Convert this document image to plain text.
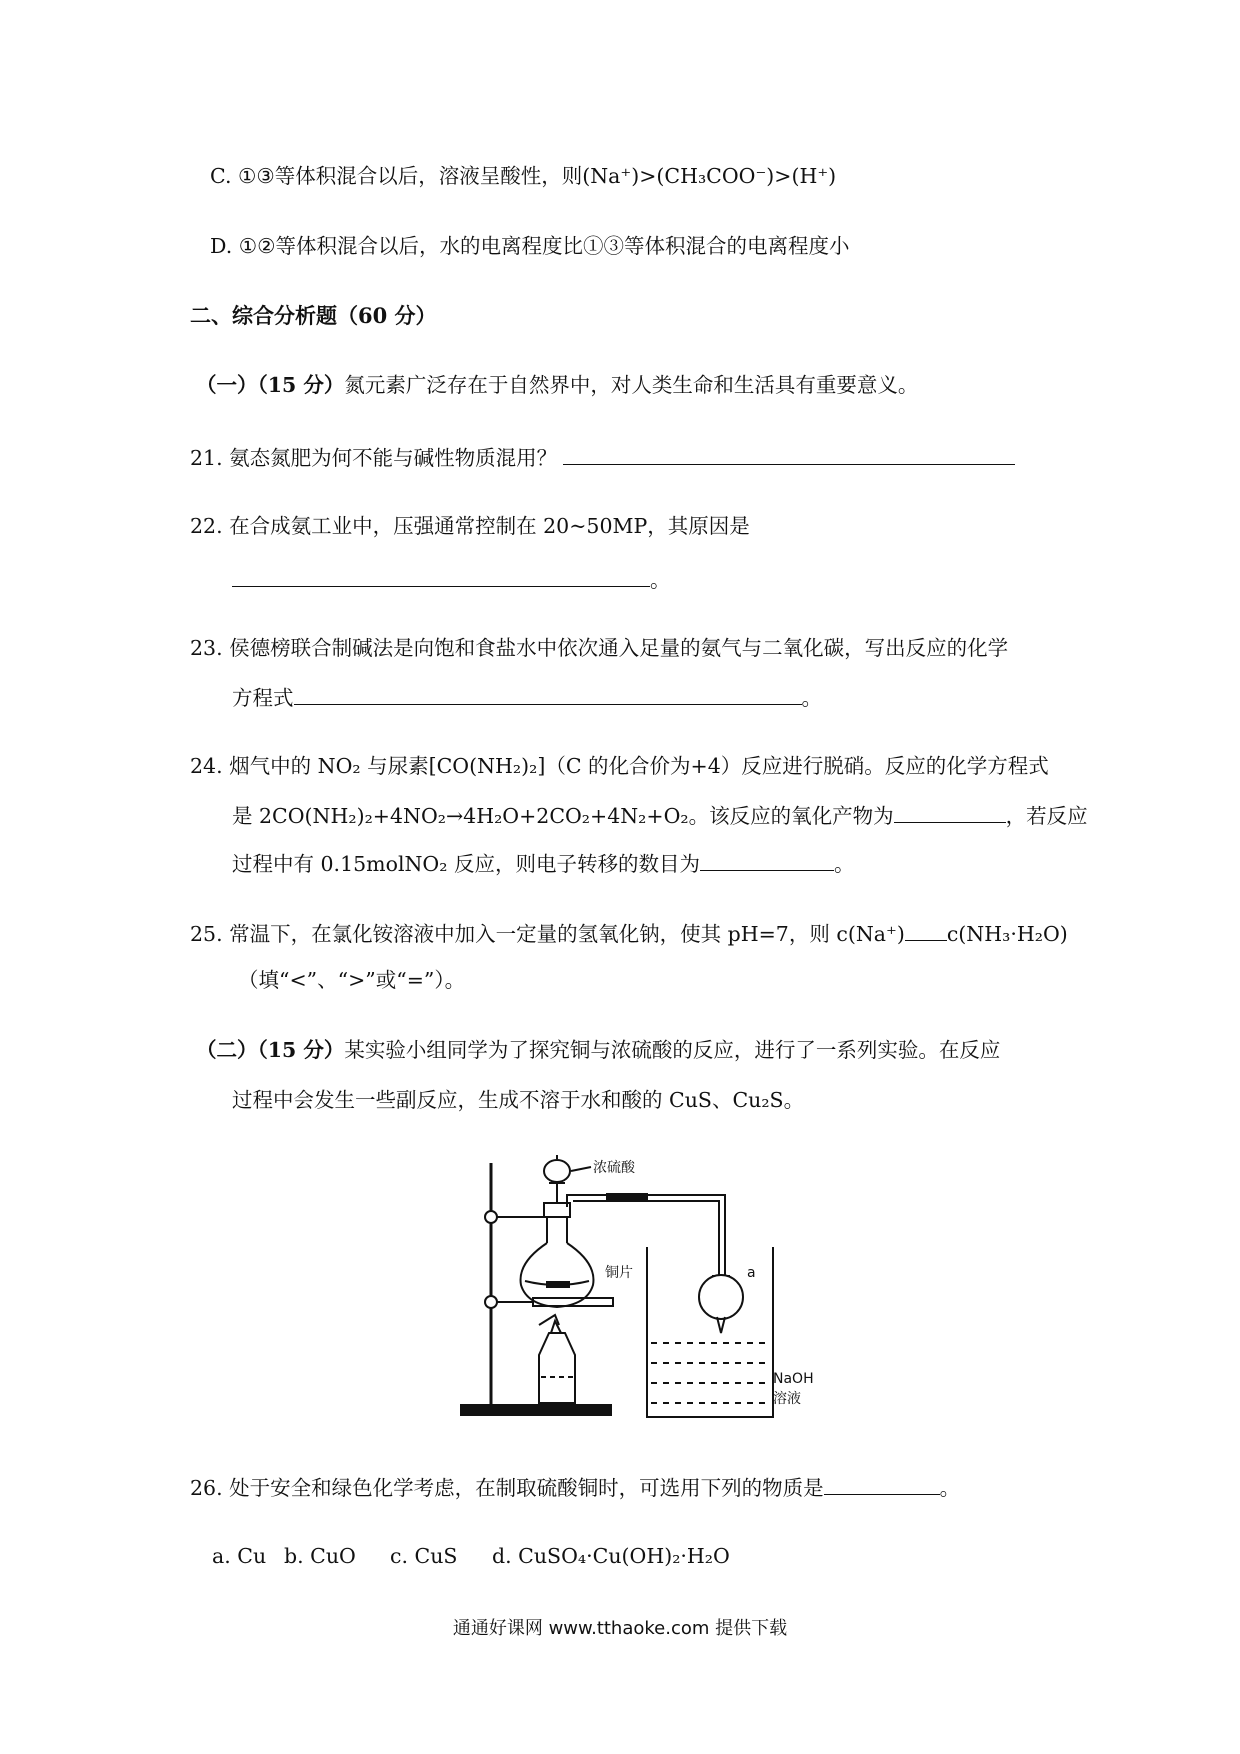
C. ①③等体积混合以后，溶液呈酸性，则(Na⁺)>(CH₃COO⁻)>(H⁺)
D. ①②等体积混合以后，水的电离程度比①③等体积混合的电离程度小
二、综合分析题（60 分）
（一）（15 分）氮元素广泛存在于自然界中，对人类生命和生活具有重要意义。
21. 氨态氮肥为何不能与碱性物质混用？
22. 在合成氨工业中，压强通常控制在 20~50MP，其原因是
。
23. 侯德榜联合制碱法是向饱和食盐水中依次通入足量的氨气与二氧化碳，写出反应的化学
方程式	。
24. 烟气中的 NO₂ 与尿素[CO(NH₂)₂]（C 的化合价为+4）反应进行脱硝。反应的化学方程式
是 2CO(NH₂)₂+4NO₂→4H₂O+2CO₂+4N₂+O₂。该反应的氧化产物为	，若反应
过程中有 0.15molNO₂ 反应，则电子转移的数目为	。
25. 常温下，在氯化铵溶液中加入一定量的氢氧化钠，使其 pH=7，则 c(Na⁺) c(NH₃·H₂O)
（填“<”、“>”或“=”）。
（二）（15 分）某实验小组同学为了探究铜与浓硫酸的反应，进行了一系列实验。在反应
过程中会发生一些副反应，生成不溶于水和酸的 CuS、Cu₂S。
浓硫酸
铜片	a
NaOH
溶液
26. 处于安全和绿色化学考虑，在制取硫酸铜时，可选用下列的物质是	。
a. Cu b. CuO c. CuS d. CuSO₄·Cu(OH)₂·H₂O
通通好课网 www.tthaoke.com 提供下载
